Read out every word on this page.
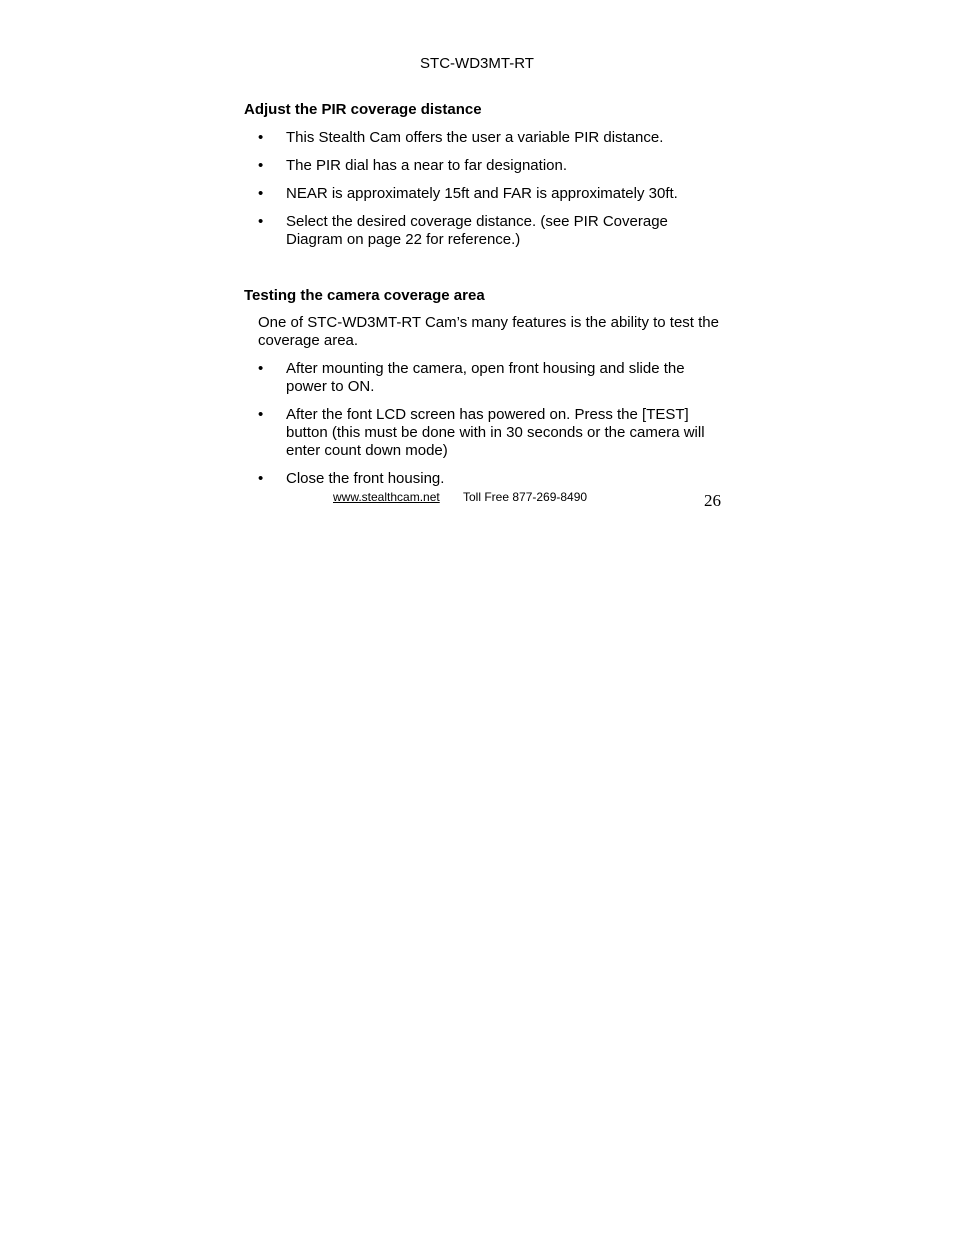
STC-WD3MT-RT
Adjust the PIR coverage distance
• This Stealth Cam offers the user a variable PIR distance.
• The PIR dial has a near to far designation.
• NEAR is approximately 15ft and FAR is approximately 30ft.
• Select the desired coverage distance. (see PIR Coverage Diagram on page 22 for reference.)
Testing the camera coverage area
One of STC-WD3MT-RT Cam’s many features is the ability to test the coverage area.
• After mounting the camera, open front housing and slide the power to ON.
• After the font LCD screen has powered on. Press the [TEST] button (this must be done with in 30 seconds or the camera will enter count down mode)
• Close the front housing.
www.stealthcam.net Toll Free 877-269-8490	26
